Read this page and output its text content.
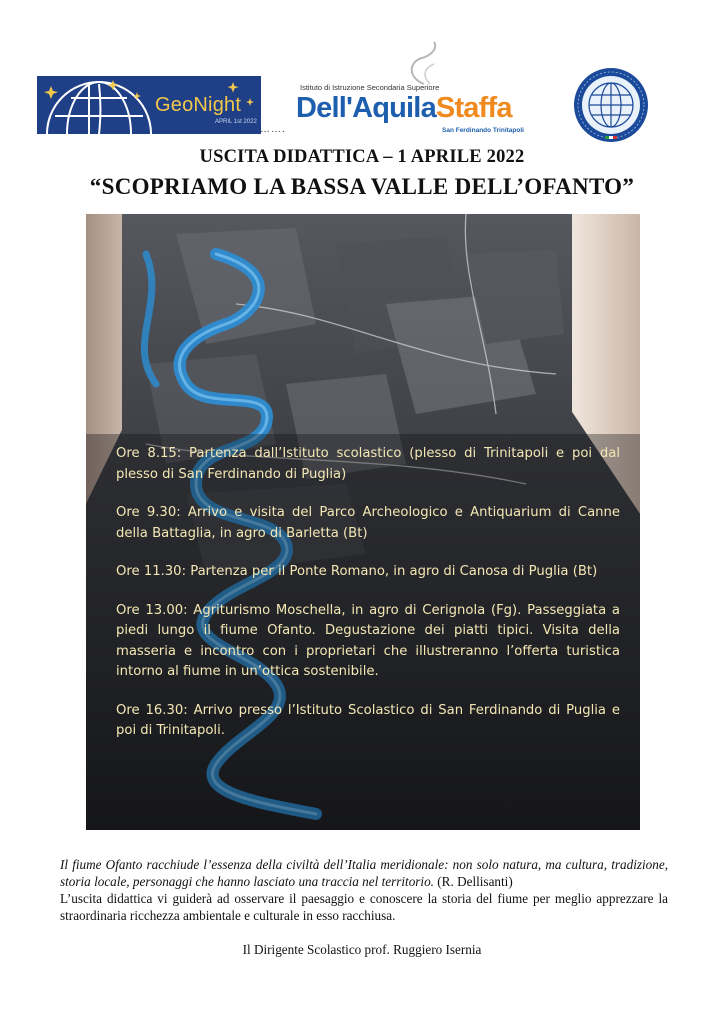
GeoNight
APRIL 1st 2022
…….
Istituto di Istruzione Secondaria Superiore
Dell'AquilaStaffa
San Ferdinando Trinitapoli
USCITA DIDATTICA – 1 APRILE 2022
“SCOPRIAMO LA BASSA VALLE DELL’OFANTO”

Ore 8.15: Partenza dall’Istituto scolastico (plesso di Trinitapoli e poi dal plesso di San Ferdinando di Puglia)

Ore 9.30: Arrivo e visita del Parco Archeologico e Antiquarium di Canne della Battaglia, in agro di Barletta (Bt)

Ore 11.30: Partenza per il Ponte Romano, in agro di Canosa di Puglia (Bt)

Ore 13.00: Agriturismo Moschella, in agro di Cerignola (Fg). Passeggiata a piedi lungo il fiume Ofanto. Degustazione dei piatti tipici. Visita della masseria e incontro con i proprietari che illustreranno l’offerta turistica intorno al fiume in un’ottica sostenibile.

Ore 16.30: Arrivo presso l’Istituto Scolastico di San Ferdinando di Puglia e poi di Trinitapoli.

Il fiume Ofanto racchiude l’essenza della civiltà dell’Italia meridionale: non solo natura, ma cultura, tradizione, storia locale, personaggi che hanno lasciato una traccia nel territorio. (R. Dellisanti)
L’uscita didattica vi guiderà ad osservare il paesaggio e conoscere la storia del fiume per meglio apprezzare la straordinaria ricchezza ambientale e culturale in esso racchiusa.
Il Dirigente Scolastico prof. Ruggiero Isernia
